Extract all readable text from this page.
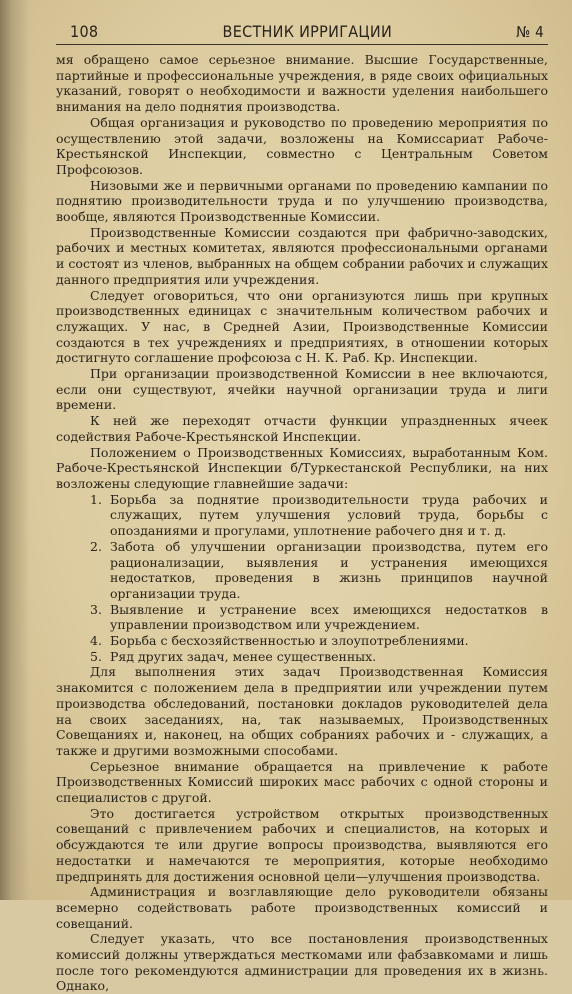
108	ВЕСТНИК ИРРИГАЦИИ	№ 4

мя обращено самое серьезное внимание. Высшие Государственные, партийные и профессиональные учреждения, в ряде своих официальных указаний, говорят о необходимости и важности уделения наибольшего внимания на дело поднятия производства.

Общая организация и руководство по проведению мероприятия по осуществлению этой задачи, возложены на Комиссариат Рабоче-Крестьянской Инспекции, совместно с Центральным Советом Профсоюзов.

Низовыми же и первичными органами по проведению кампании по поднятию производительности труда и по улучшению производства, вообще, являются Производственные Комиссии.

Производственные Комиссии создаются при фабрично-заводских, рабочих и местных комитетах, являются профессиональными органами и состоят из членов, выбранных на общем собрании рабочих и служащих данного предприятия или учреждения.

Следует оговориться, что они организуются лишь при крупных производственных единицах с значительным количеством рабочих и служащих. У нас, в Средней Азии, Производственные Комиссии создаются в тех учреждениях и предприятиях, в отношении которых достигнуто соглашение профсоюза с Н. К. Раб. Кр. Инспекции.

При организации производственной Комиссии в нее включаются, если они существуют, ячейки научной организации труда и лиги времени.

К ней же переходят отчасти функции упраздненных ячеек содействия Рабоче-Крестьянской Инспекции.

Положением о Производственных Комиссиях, выработанным Ком. Рабоче-Крестьянской Инспекции б/Туркестанской Республики, на них возложены следующие главнейшие задачи:

1. Борьба за поднятие производительности труда рабочих и служащих, путем улучшения условий труда, борьбы с опозданиями и прогулами, уплотнение рабочего дня и т. д.
2. Забота об улучшении организации производства, путем его рационализации, выявления и устранения имеющихся недостатков, проведения в жизнь принципов научной организации труда.
3. Выявление и устранение всех имеющихся недостатков в управлении производством или учреждением.
4. Борьба с бесхозяйственностью и злоупотреблениями.
5. Ряд других задач, менее существенных.

Для выполнения этих задач Производственная Комиссия знакомится с положением дела в предприятии или учреждении путем производства обследований, постановки докладов руководителей дела на своих заседаниях, на, так называемых, Производственных Совещаниях и, наконец, на общих собраниях рабочих и - служащих, а также и другими возможными способами.

Серьезное внимание обращается на привлечение к работе Производственных Комиссий широких масс рабочих с одной стороны и специалистов с другой.

Это достигается устройством открытых производственных совещаний с привлечением рабочих и специалистов, на которых и обсуждаются те или другие вопросы производства, выявляются его недостатки и намечаются те мероприятия, которые необходимо предпринять для достижения основной цели—улучшения производства.

Администрация и возглавляющие дело руководители обязаны всемерно содействовать работе производственных комиссий и совещаний.

Следует указать, что все постановления производственных комиссий должны утверждаться месткомами или фабзавкомами и лишь после того рекомендуются администрации для проведения их в жизнь. Однако,
